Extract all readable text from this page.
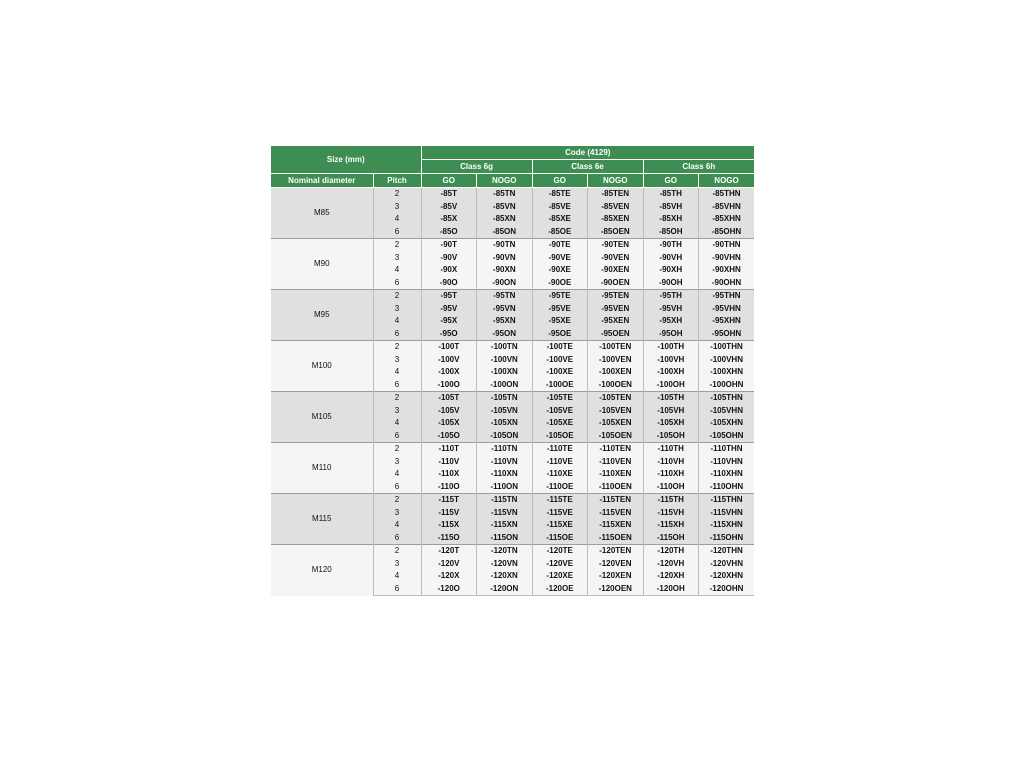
Size (mm)		Code (4129)					
		Class 6g		Class 6e		Class 6h	
Nominal diameter	Pitch	GO	NOGO	GO	NOGO	GO	NOGO
M85	2	-85T	-85TN	-85TE	-85TEN	-85TH	-85THN
	3	-85V	-85VN	-85VE	-85VEN	-85VH	-85VHN
	4	-85X	-85XN	-85XE	-85XEN	-85XH	-85XHN
	6	-85O	-85ON	-85OE	-85OEN	-85OH	-85OHN
M90	2	-90T	-90TN	-90TE	-90TEN	-90TH	-90THN
	3	-90V	-90VN	-90VE	-90VEN	-90VH	-90VHN
	4	-90X	-90XN	-90XE	-90XEN	-90XH	-90XHN
	6	-90O	-90ON	-90OE	-90OEN	-90OH	-90OHN
M95	2	-95T	-95TN	-95TE	-95TEN	-95TH	-95THN
	3	-95V	-95VN	-95VE	-95VEN	-95VH	-95VHN
	4	-95X	-95XN	-95XE	-95XEN	-95XH	-95XHN
	6	-95O	-95ON	-95OE	-95OEN	-95OH	-95OHN
M100	2	-100T	-100TN	-100TE	-100TEN	-100TH	-100THN
	3	-100V	-100VN	-100VE	-100VEN	-100VH	-100VHN
	4	-100X	-100XN	-100XE	-100XEN	-100XH	-100XHN
	6	-100O	-100ON	-100OE	-100OEN	-100OH	-100OHN
M105	2	-105T	-105TN	-105TE	-105TEN	-105TH	-105THN
	3	-105V	-105VN	-105VE	-105VEN	-105VH	-105VHN
	4	-105X	-105XN	-105XE	-105XEN	-105XH	-105XHN
	6	-105O	-105ON	-105OE	-105OEN	-105OH	-105OHN
M110	2	-110T	-110TN	-110TE	-110TEN	-110TH	-110THN
	3	-110V	-110VN	-110VE	-110VEN	-110VH	-110VHN
	4	-110X	-110XN	-110XE	-110XEN	-110XH	-110XHN
	6	-110O	-110ON	-110OE	-110OEN	-110OH	-110OHN
M115	2	-115T	-115TN	-115TE	-115TEN	-115TH	-115THN
	3	-115V	-115VN	-115VE	-115VEN	-115VH	-115VHN
	4	-115X	-115XN	-115XE	-115XEN	-115XH	-115XHN
	6	-115O	-115ON	-115OE	-115OEN	-115OH	-115OHN
M120	2	-120T	-120TN	-120TE	-120TEN	-120TH	-120THN
	3	-120V	-120VN	-120VE	-120VEN	-120VH	-120VHN
	4	-120X	-120XN	-120XE	-120XEN	-120XH	-120XHN
	6	-120O	-120ON	-120OE	-120OEN	-120OH	-120OHN
